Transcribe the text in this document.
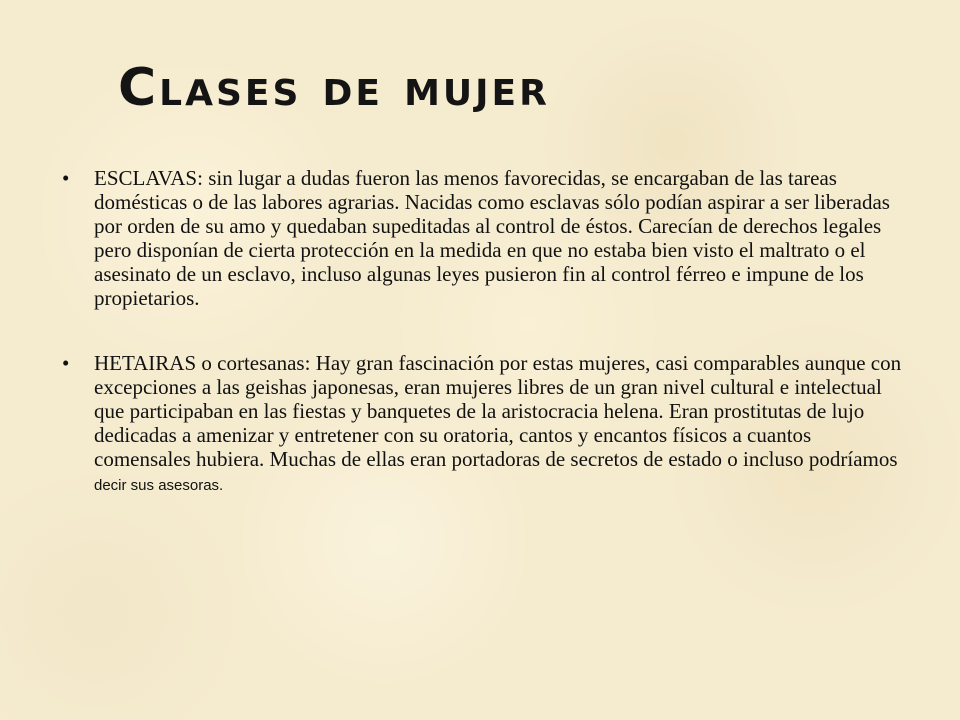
Clases de mujer
• ESCLAVAS: sin lugar a dudas fueron las menos favorecidas, se encargaban de las tareas domésticas o de las labores agrarias. Nacidas como esclavas sólo podían aspirar a ser liberadas por orden de su amo y quedaban supeditadas al control de éstos. Carecían de derechos legales pero disponían de cierta protección en la medida en que no estaba bien visto el maltrato o el asesinato de un esclavo, incluso algunas leyes pusieron fin al control férreo e impune de los propietarios.
• HETAIRAS o cortesanas: Hay gran fascinación por estas mujeres, casi comparables aunque con excepciones a las geishas japonesas, eran mujeres libres de un gran nivel cultural e intelectual que participaban en las fiestas y banquetes de la aristocracia helena. Eran prostitutas de lujo dedicadas a amenizar y entretener con su oratoria, cantos y encantos físicos a cuantos comensales hubiera. Muchas de ellas eran portadoras de secretos de estado o incluso podríamos decir sus asesoras.
